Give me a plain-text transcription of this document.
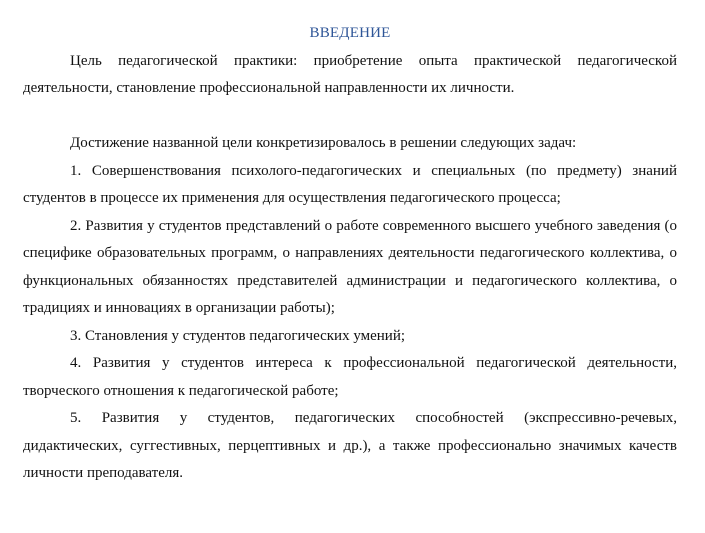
ВВЕДЕНИЕ

Цель педагогической практики: приобретение опыта практической педагогической деятельности, становление профессиональной направленности их личности.

Достижение названной цели конкретизировалось в решении следующих задач:

1. Совершенствования психолого-педагогических и специальных (по предмету) знаний студентов в процессе их применения для осуществления педагогического процесса;

2. Развития у студентов представлений о работе современного высшего учебного заведения (о специфике образовательных программ, о направлениях деятельности педагогического коллектива, о функциональных обязанностях представителей администрации и педагогического коллектива, о традициях и инновациях в организации работы);

3. Становления у студентов педагогических умений;

4. Развития у студентов интереса к профессиональной педагогической деятельности, творческого отношения к педагогической работе;

5. Развития у студентов, педагогических способностей (экспрессивно-речевых, дидактических, суггестивных, перцептивных и др.), а также профессионально значимых качеств личности преподавателя.
